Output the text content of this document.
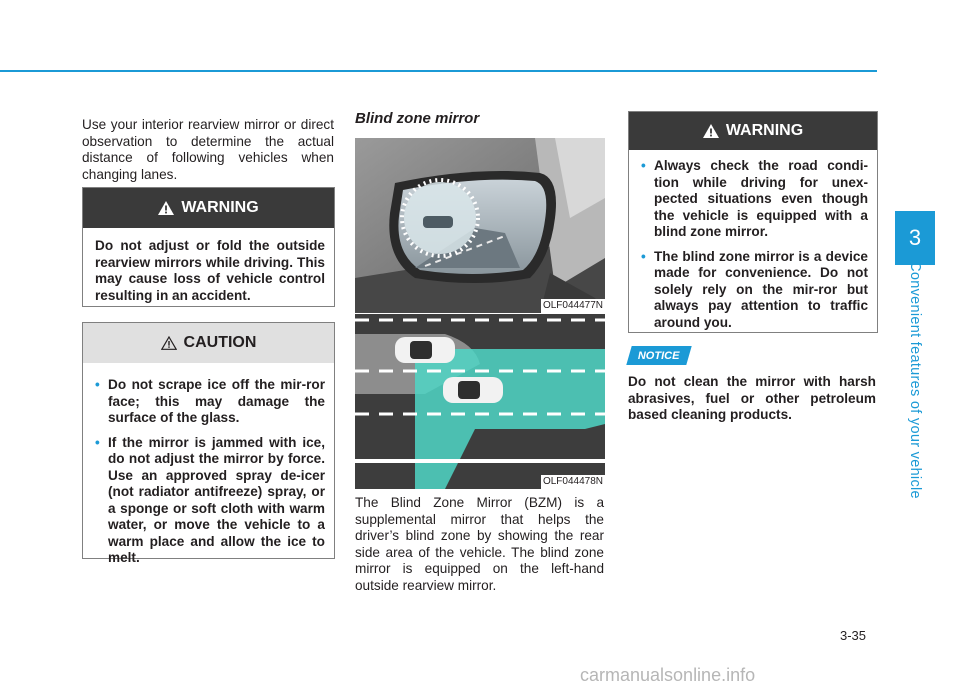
3
Convenient features of your vehicle
Use your interior rearview mirror or direct observation to determine the actual distance of following vehicles when changing lanes.
WARNING
Do not adjust or fold the outside rearview mirrors while driving. This may cause loss of vehicle control resulting in an accident.
CAUTION
• Do not scrape ice off the mir-ror face; this may damage the surface of the glass.
• If the mirror is jammed with ice, do not adjust the mirror by force. Use an approved spray de-icer (not radiator antifreeze) spray, or a sponge or soft cloth with warm water, or move the vehicle to a warm place and allow the ice to melt.
Blind zone mirror
OLF044477N
OLF044478N
The Blind Zone Mirror (BZM) is a supplemental mirror that helps the driver’s blind zone by showing the rear side area of the vehicle. The blind zone mirror is equipped on the left-hand outside rearview mirror.
WARNING
• Always check the road condi-tion while driving for unex-pected situations even though the vehicle is equipped with a blind zone mirror.
• The blind zone mirror is a device made for convenience. Do not solely rely on the mir-ror but always pay attention to traffic around you.
NOTICE
Do not clean the mirror with harsh abrasives, fuel or other petroleum based cleaning products.
3-35
carmanualsonline.info
